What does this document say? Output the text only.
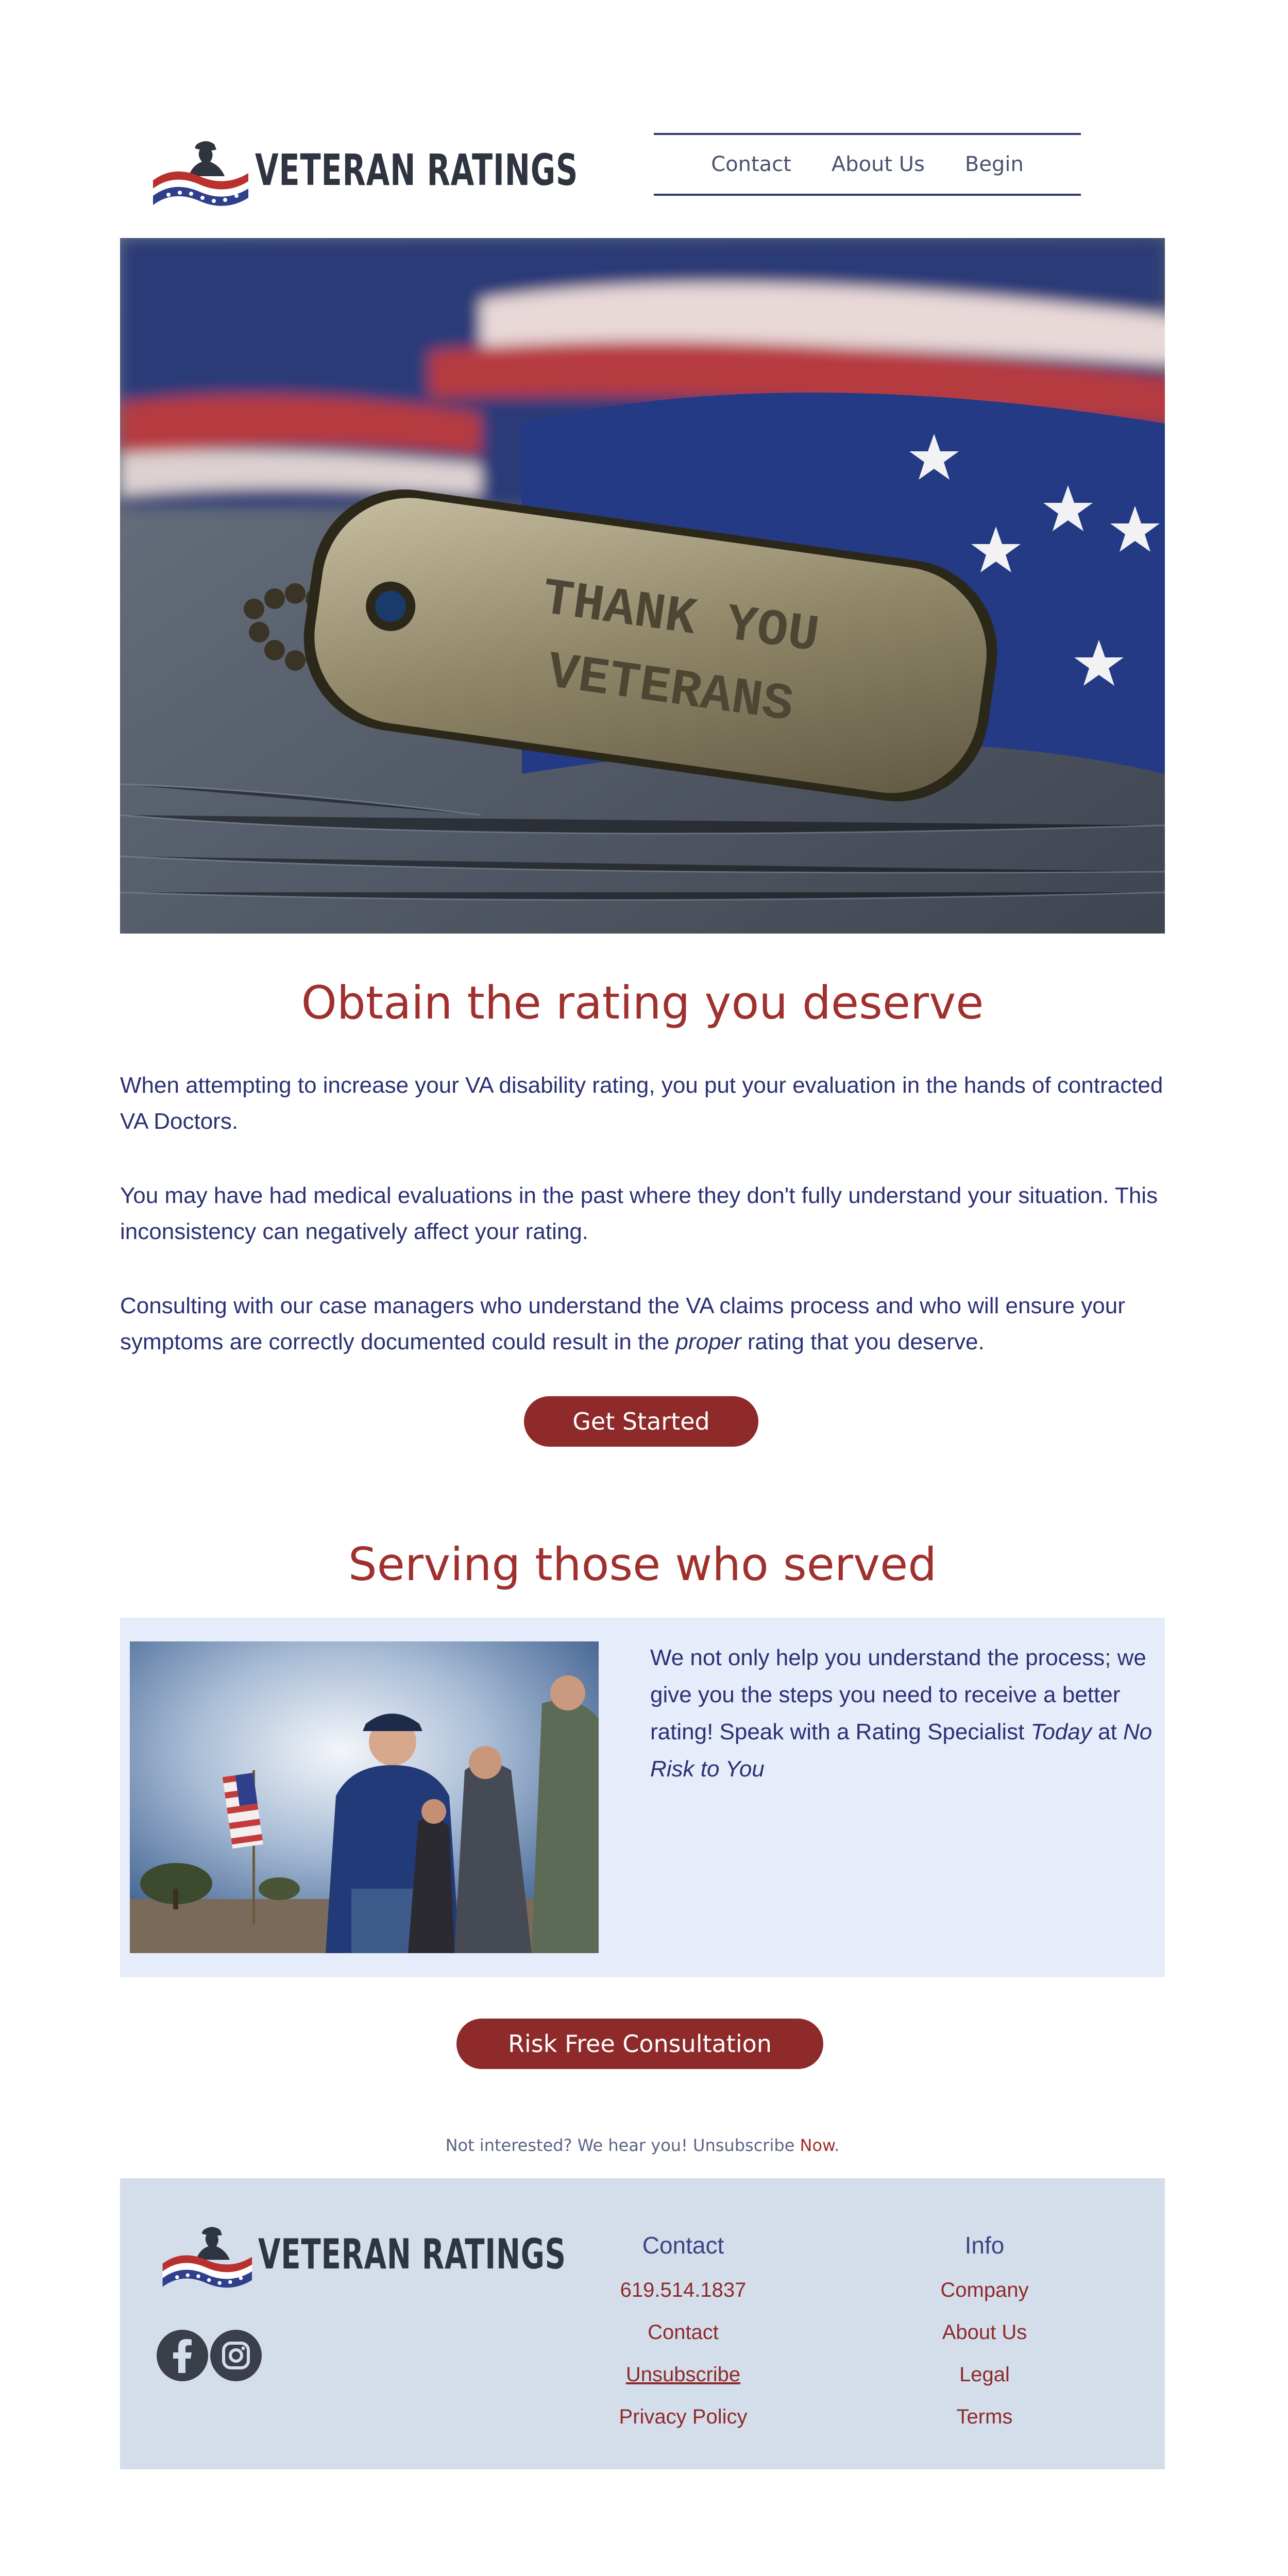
VETERAN RATINGS	Contact About Us Begin
THANK YOU
VETERANS
Obtain the rating you deserve

When attempting to increase your VA disability rating, you put your evaluation in the hands of contracted VA Doctors.

You may have had medical evaluations in the past where they don't fully understand your situation. This inconsistency can negatively affect your rating.

Consulting with our case managers who understand the VA claims process and who will ensure your symptoms are correctly documented could result in the proper rating that you deserve.

Get Started
Serving those who served

We not only help you understand the process; we give you the steps you need to receive a better rating! Speak with a Rating Specialist Today at No Risk to You

Risk Free Consultation

Not interested? We hear you! Unsubscribe Now.

VETERAN RATINGS	Contact
619.514.1837
Contact
Unsubscribe
Privacy Policy
Info
Company
About Us
Legal
Terms
